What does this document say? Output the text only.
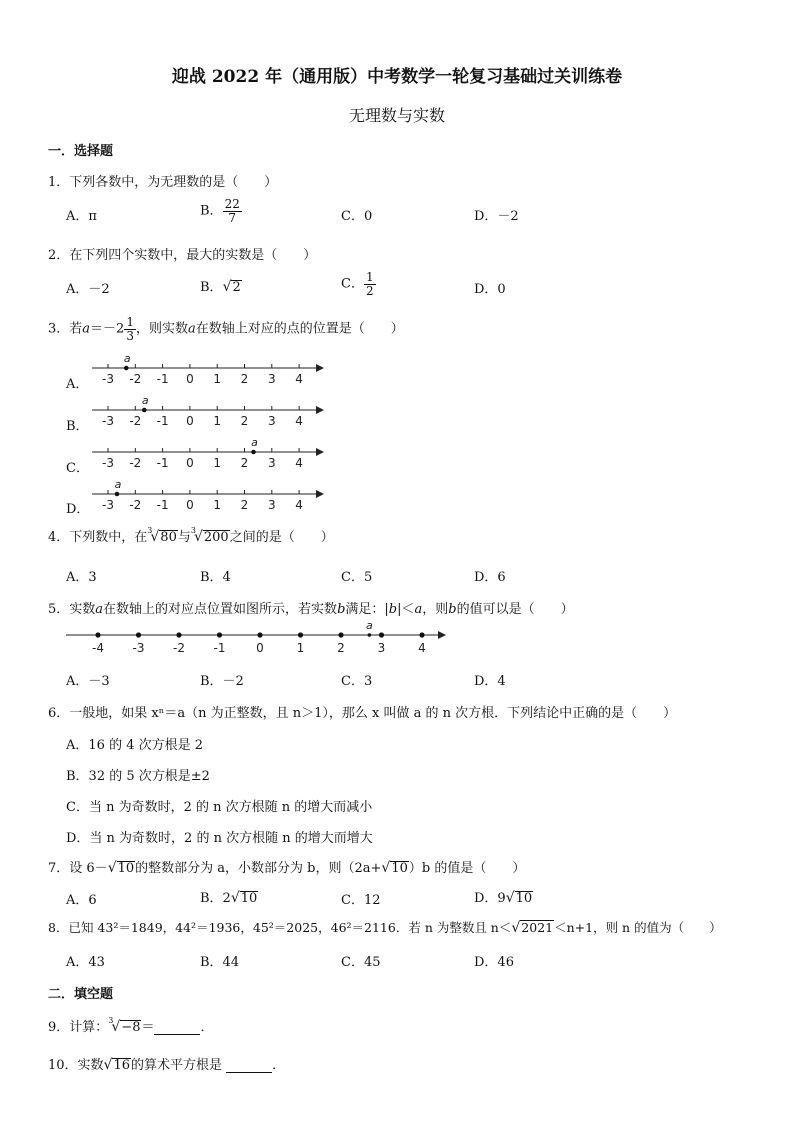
迎战 2022 年（通用版）中考数学一轮复习基础过关训练卷
无理数与实数
一．选择题
1．下列各数中，为无理数的是（　　）
A．π	B． $\frac{22}{7}$	C．0	D．－2
2．在下列四个实数中，最大的实数是（　　）
A．－2	B．√2	C． $\frac{1}{2}$	D．0
3．若$a=-2 \frac{1}{3}$ ，则实数a在数轴上对应的点的位置是（　　）
A．
B．
C．
D．
-3 -2 -1 0 1 2 3 4
a
-3 -2 -1 0 1 2 3 4
a
-3 -2 -1 0 1 2 3 4
a
-3 -2 -1 0 1 2 3 4
a
4．下列数中，在$^3$√80与$^3$√200之间的是（　　）
A．3	B．4	C．5	D．6
5．实数a在数轴上的对应点位置如图所示，若实数b满足：|b|＜a，则b的值可以是（　　）
-4 -3 -2 -1	0	1	2	3	4
a
A．－3	B．－2	C．3	D．4
6．一般地，如果 xⁿ＝a（n 为正整数，且 n＞1），那么 x 叫做 a 的 n 次方根．下列结论中正确的是（　　）
A．16 的 4 次方根是 2
B．32 的 5 次方根是±2
C．当 n 为奇数时，2 的 n 次方根随 n 的增大而减小
D．当 n 为奇数时，2 的 n 次方根随 n 的增大而增大
7．设 6－√10的整数部分为 a，小数部分为 b，则（2a+√10）b 的值是（　　）
A．6	B．2√10	C．12	D．9√10
8．已知 43²＝1849，44²＝1936，45²＝2025，46²＝2116．若 n 为整数且 n＜√2021＜n+1，则 n 的值为（　　）
A．43	B．44	C．45	D．46
二．填空题
9．计算：$^3$√−8＝	．
10．实数√16的算术平方根是	．
